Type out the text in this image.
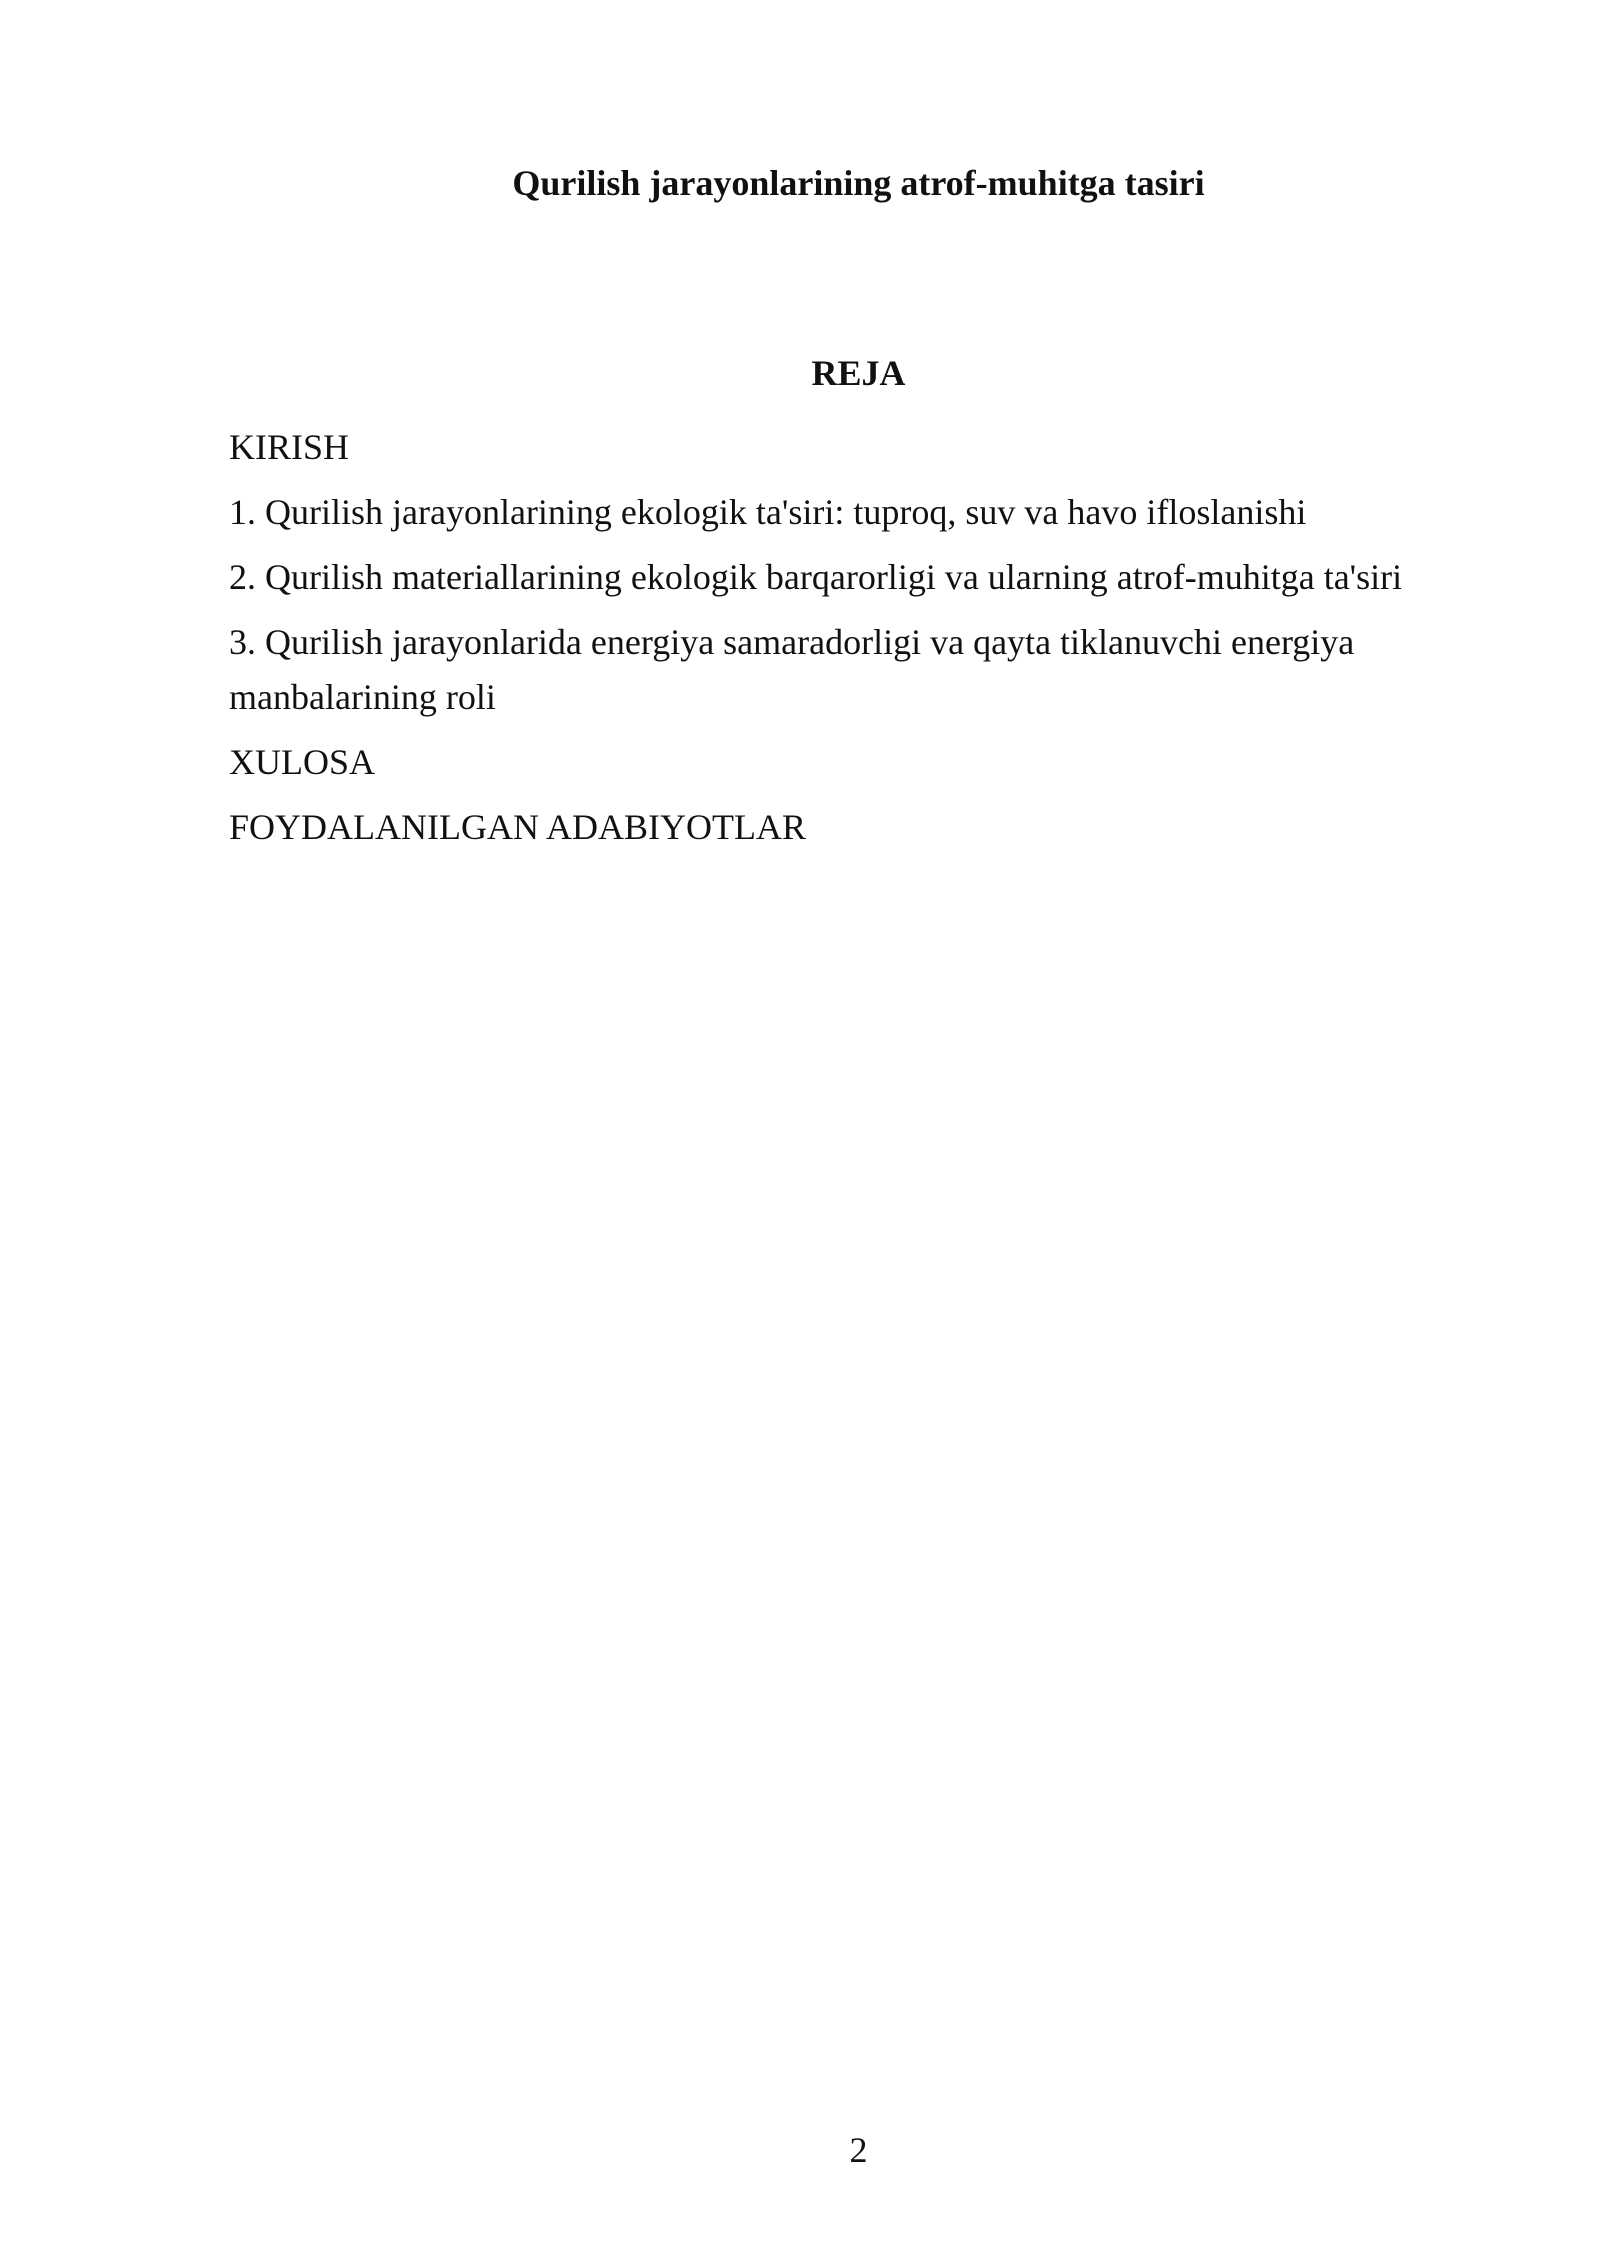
Qurilish jarayonlarining atrof-muhitga tasiri
REJA
KIRISH
1. Qurilish jarayonlarining ekologik ta'siri: tuproq, suv va havo ifloslanishi
2. Qurilish materiallarining ekologik barqarorligi va ularning atrof-muhitga ta'siri
3. Qurilish jarayonlarida energiya samaradorligi va qayta tiklanuvchi energiya manbalarining roli
XULOSA
FOYDALANILGAN ADABIYOTLAR
2
